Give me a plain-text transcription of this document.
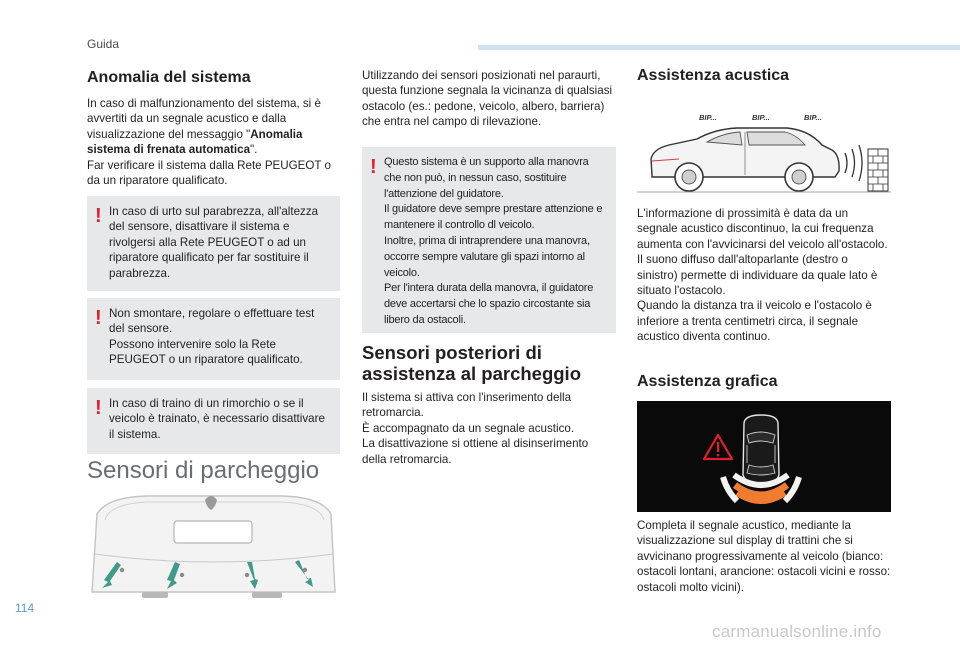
Guida
Anomalia del sistema

In caso di malfunzionamento del sistema, si è avvertiti da un segnale acustico e dalla visualizzazione del messaggio "Anomalia sistema di frenata automatica".

Far verificare il sistema dalla Rete PEUGEOT o da un riparatore qualificato.

! In caso di urto sul parabrezza, all'altezza del sensore, disattivare il sistema e rivolgersi alla Rete PEUGEOT o ad un riparatore qualificato per far sostituire il parabrezza.

! Non smontare, regolare o effettuare test del sensore.

Possono intervenire solo la Rete PEUGEOT o un riparatore qualificato.

! In caso di traino di un rimorchio o se il veicolo è trainato, è necessario disattivare il sistema.

Sensori di parcheggio
Utilizzando dei sensori posizionati nel paraurti, questa funzione segnala la vicinanza di qualsiasi ostacolo (es.: pedone, veicolo, albero, barriera) che entra nel campo di rilevazione.
! Questo sistema è un supporto alla manovra che non può, in nessun caso, sostituire l'attenzione del guidatore.

Il guidatore deve sempre prestare attenzione e mantenere il controllo dl veicolo.

Inoltre, prima di intraprendere una manovra, occorre sempre valutare gli spazi intorno al veicolo.

Per l'intera durata della manovra, il guidatore deve accertarsi che lo spazio circostante sia libero da ostacoli.

Sensori posteriori di
assistenza al parcheggio

Il sistema si attiva con l'inserimento della retromarcia.

È accompagnato da un segnale acustico.

La disattivazione si ottiene al disinserimento della retromarcia.

Assistenza acustica
BIP...	BIP...	BIP...

L'informazione di prossimità è data da un segnale acustico discontinuo, la cui frequenza aumenta con l'avvicinarsi del veicolo all'ostacolo.

Il suono diffuso dall'altoparlante (destro o sinistro) permette di individuare da quale lato è situato l'ostacolo.

Quando la distanza tra il veicolo e l'ostacolo è inferiore a trenta centimetri circa, il segnale acustico diventa continuo.

Assistenza grafica
Completa il segnale acustico, mediante la visualizzazione sul display di trattini che si avvicinano progressivamente al veicolo (bianco: ostacoli lontani, arancione: ostacoli vicini e rosso: ostacoli molto vicini).
114
carmanualsonline.info
